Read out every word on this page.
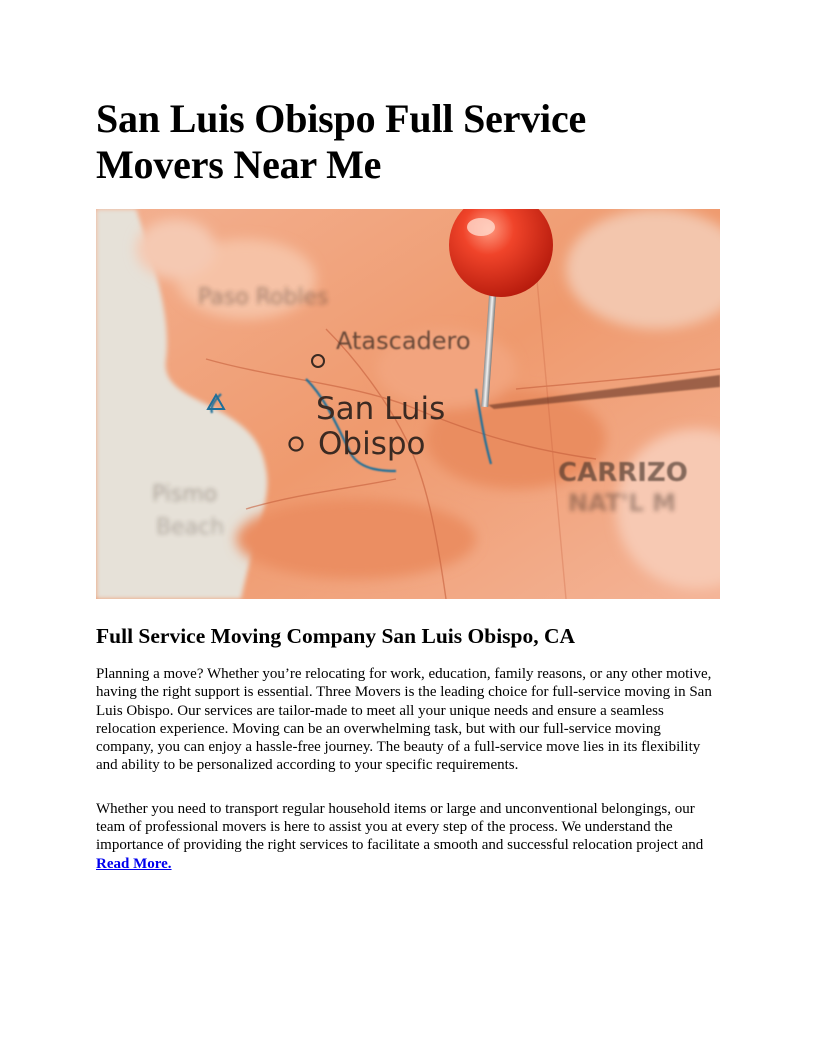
San Luis Obispo Full Service Movers Near Me
Paso Robles
Atascadero
San Luis
Obispo
CARRIZO
NAT'L M
Pismo
Beach
Full Service Moving Company San Luis Obispo, CA

Planning a move? Whether you’re relocating for work, education, family reasons, or any other motive, having the right support is essential. Three Movers is the leading choice for full-service moving in San Luis Obispo. Our services are tailor-made to meet all your unique needs and ensure a seamless relocation experience. Moving can be an overwhelming task, but with our full-service moving company, you can enjoy a hassle-free journey. The beauty of a full-service move lies in its flexibility and ability to be personalized according to your specific requirements.

Whether you need to transport regular household items or large and unconventional belongings, our team of professional movers is here to assist you at every step of the process. We understand the importance of providing the right services to facilitate a smooth and successful relocation project and Read More.
